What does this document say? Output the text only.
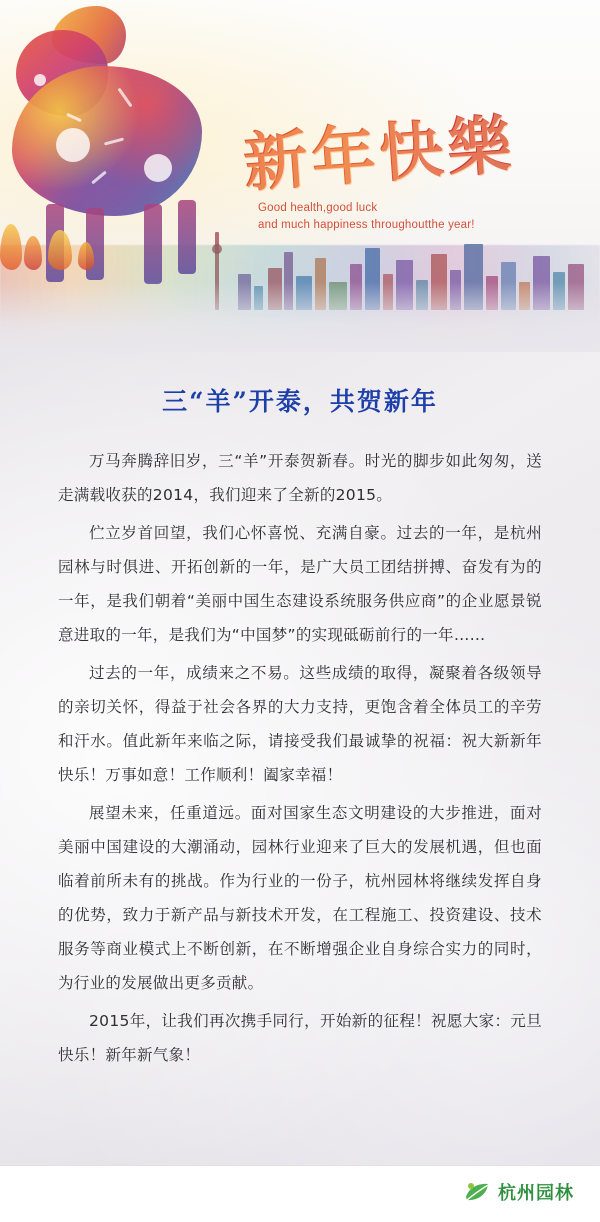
新年快樂
Good health,good luck
and much happiness throughoutthe year!
三“羊”开泰，共贺新年

万马奔腾辞旧岁，三“羊”开泰贺新春。时光的脚步如此匆匆，送走满载收获的2014，我们迎来了全新的2015。

伫立岁首回望，我们心怀喜悦、充满自豪。过去的一年，是杭州园林与时俱进、开拓创新的一年，是广大员工团结拼搏、奋发有为的一年，是我们朝着“美丽中国生态建设系统服务供应商”的企业愿景锐意进取的一年，是我们为“中国梦”的实现砥砺前行的一年……

过去的一年，成绩来之不易。这些成绩的取得，凝聚着各级领导的亲切关怀，得益于社会各界的大力支持，更饱含着全体员工的辛劳和汗水。值此新年来临之际，请接受我们最诚挚的祝福：祝大新新年快乐！万事如意！工作顺利！阖家幸福！

展望未来，任重道远。面对国家生态文明建设的大步推进，面对美丽中国建设的大潮涌动，园林行业迎来了巨大的发展机遇，但也面临着前所未有的挑战。作为行业的一份子，杭州园林将继续发挥自身的优势，致力于新产品与新技术开发，在工程施工、投资建设、技术服务等商业模式上不断创新，在不断增强企业自身综合实力的同时，为行业的发展做出更多贡献。

2015年，让我们再次携手同行，开始新的征程！祝愿大家：元旦快乐！新年新气象！

杭州园林
